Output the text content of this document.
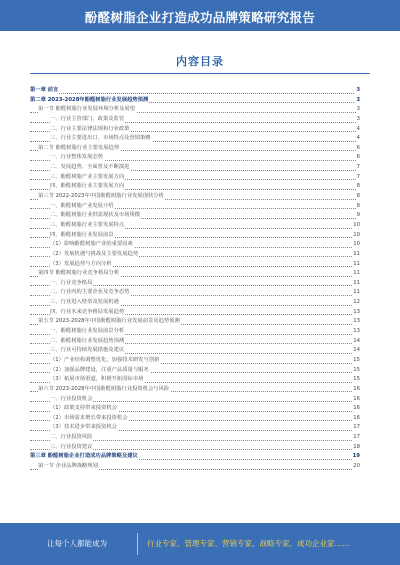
酚醛树脂企业打造成功品牌策略研究报告
内容目录
第一章 前言	3
第二章 2023-2028年酚醛树脂行业发展趋势预测	3
第一节 酚醛树脂行业发展环境分析及展望	3
一、行业主管部门、政策及监管	3
二、行业主要法律法规和行业政策	4
三、行业主要进出口、市场特点及营销策略	4
第二节 酚醛树脂行业主要发展趋势	6
一、行业整体发展态势	6
二、发展趋势、全面普及不断演进	7
三、酚醛树脂产业主要发展方向	7
四、酚醛树脂行业主要发展方向	8
第三节 2022-2023年中国酚醛树脂行业发展现状分析	8
一、酚醛树脂产业发展介绍	8
二、酚醛树脂行业供需现状及市场规模	9
三、酚醛树脂行业主要发展特点	10
四、酚醛树脂行业发展前景	10
（1）影响酚醛树脂产业的重要因素	10
（2）发展机遇与挑战及主要发展趋势	11
（3）发展趋势与方向分析	11
第四节 酚醛树脂行业竞争格局分析	11
一、行业竞争格局	11
二、行业内的主要企业及竞争态势	11
三、行业进入壁垒及发展机遇	12
四、行业未来竞争格局发展趋势	13
第五节 2023-2028年中国酚醛树脂行业发展前景及趋势预测	13
一、酚醛树脂行业发展前景分析	13
二、酚醛树脂行业发展趋势预测	14
三、行业可持续发展措施及建议	14
（1）产业结构调整优化，加强技术研发与创新	15
（2）加强品牌建设，注重产品质量与服务	15
（3）拓展市场渠道，积极开拓国际市场	15
第六节 2023-2028年中国酚醛树脂行业投资机会与风险	16
一、行业投资机会	16
（1）政策支持带来投资机会	16
（2）市场需求增长带来投资机会	16
（3）技术进步带来投资机会	17
二、行业投资风险	17
三、行业投资建议	18
第三章 酚醛树脂企业打造成功品牌策略及建议	19
第一节 企业品牌战略规划	20
让每个人都能成为	行业专家、管理专家、营销专家、战略专家、成功企业家……
